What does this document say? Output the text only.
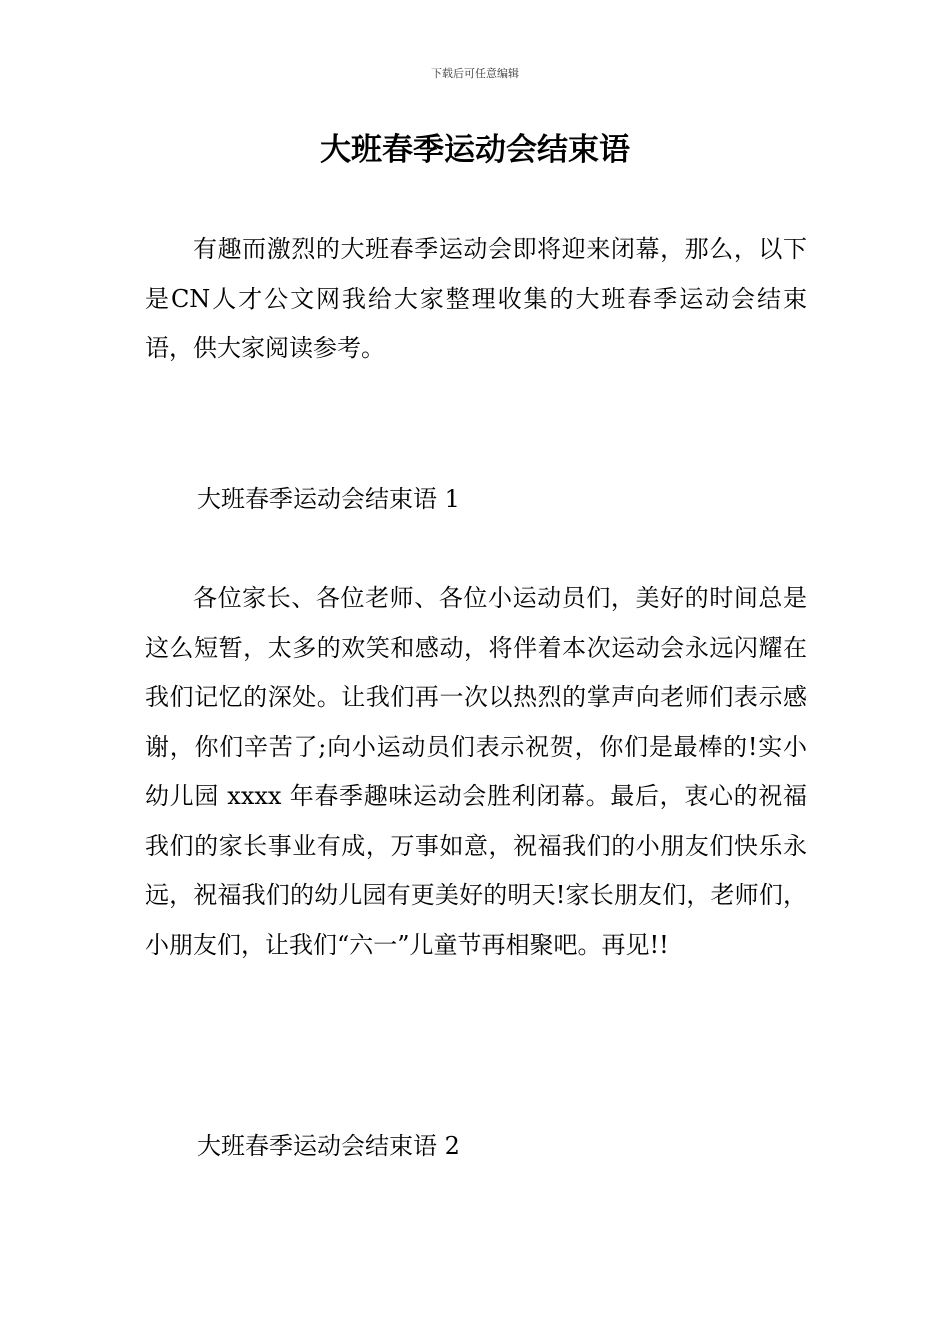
下载后可任意编辑
大班春季运动会结束语

有趣而激烈的大班春季运动会即将迎来闭幕，那么，以下是CN人才公文网我给大家整理收集的大班春季运动会结束语，供大家阅读参考。

大班春季运动会结束语 1

各位家长、各位老师、各位小运动员们，美好的时间总是这么短暂，太多的欢笑和感动，将伴着本次运动会永远闪耀在我们记忆的深处。让我们再一次以热烈的掌声向老师们表示感谢，你们辛苦了;向小运动员们表示祝贺，你们是最棒的!实小幼儿园 xxxx 年春季趣味运动会胜利闭幕。最后，衷心的祝福我们的家长事业有成，万事如意，祝福我们的小朋友们快乐永远，祝福我们的幼儿园有更美好的明天!家长朋友们，老师们，小朋友们，让我们“六一”儿童节再相聚吧。再见!!

大班春季运动会结束语 2
